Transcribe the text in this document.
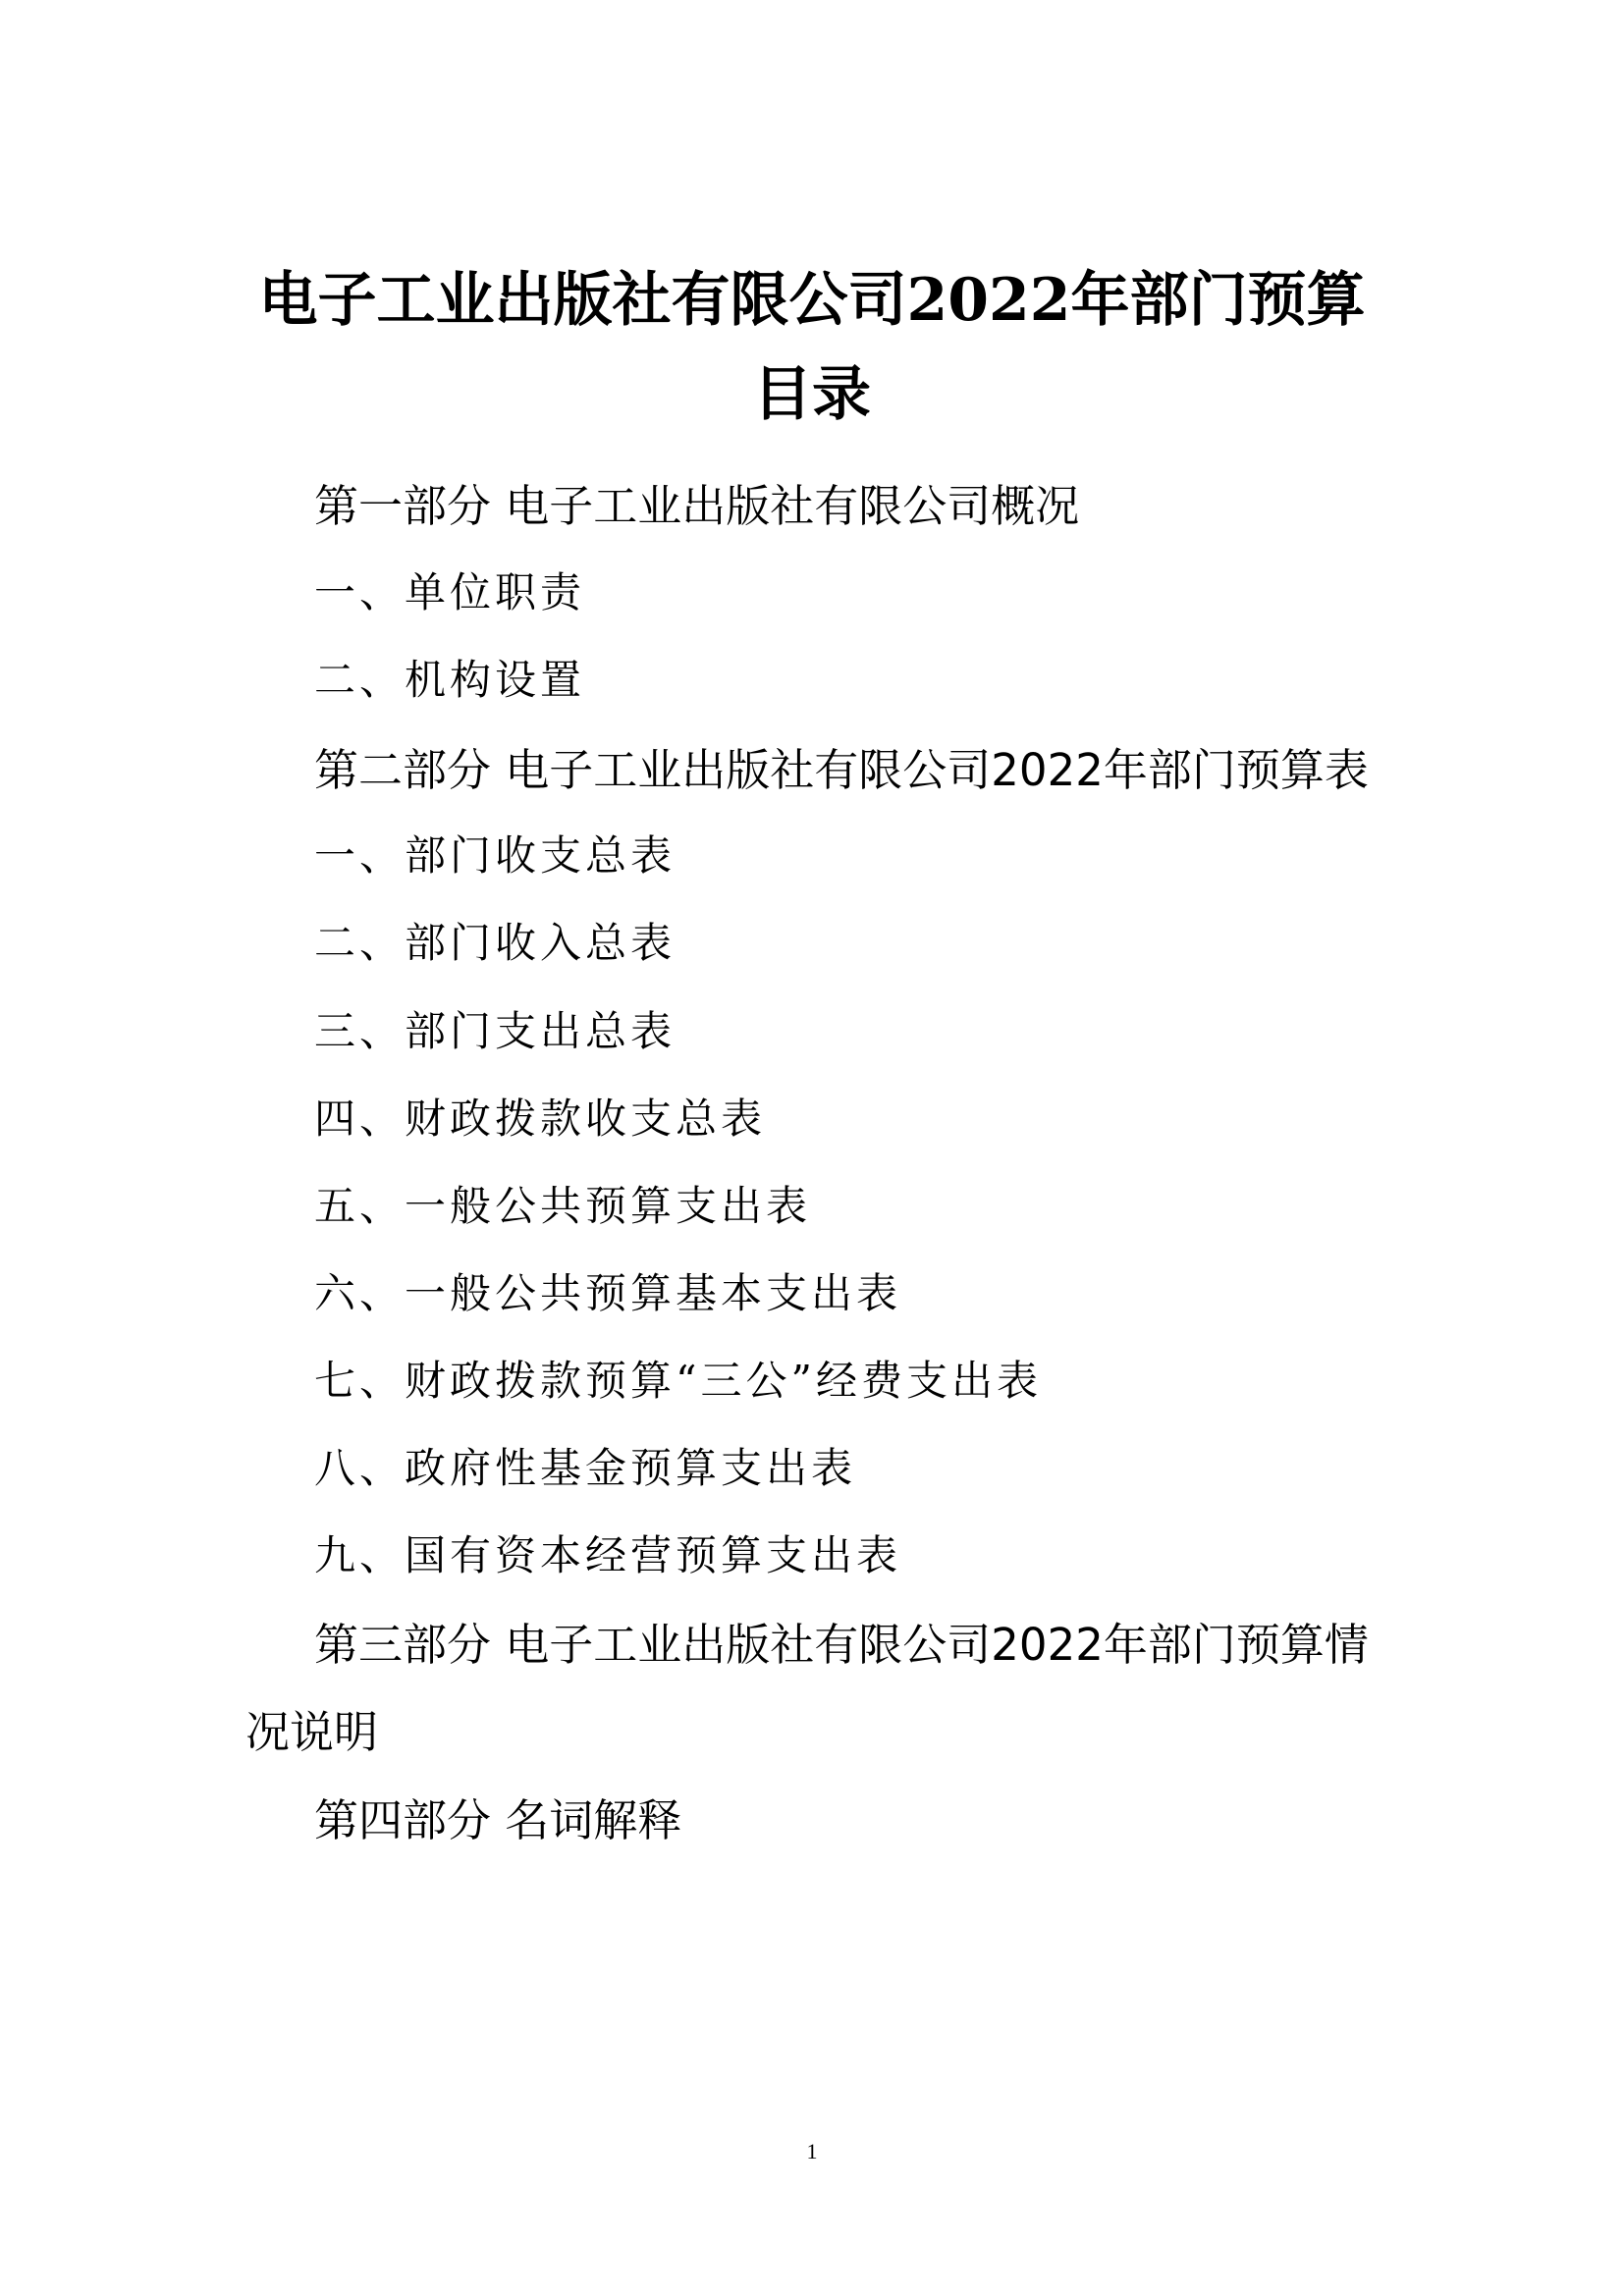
电子工业出版社有限公司2022年部门预算
目录
第一部分 电子工业出版社有限公司概况
一、单位职责
二、机构设置
第二部分 电子工业出版社有限公司2022年部门预算表
一、部门收支总表
二、部门收入总表
三、部门支出总表
四、财政拨款收支总表
五、一般公共预算支出表
六、一般公共预算基本支出表
七、财政拨款预算“三公”经费支出表
八、政府性基金预算支出表
九、国有资本经营预算支出表
第三部分 电子工业出版社有限公司2022年部门预算情
况说明
第四部分 名词解释
1
